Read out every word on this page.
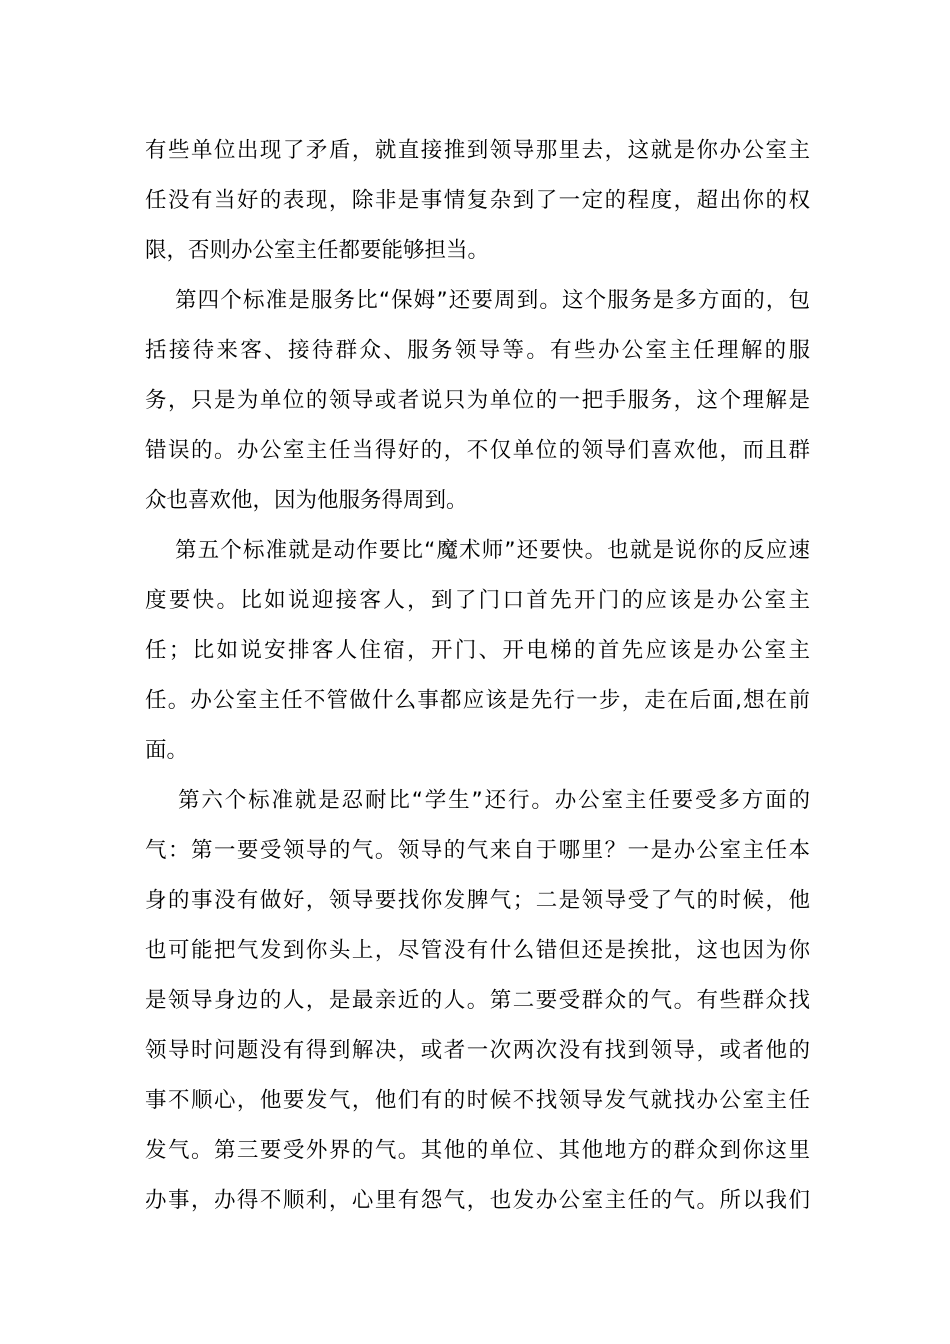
有些单位出现了矛盾，就直接推到领导那里去，这就是你办公室主
任没有当好的表现，除非是事情复杂到了一定的程度，超出你的权
限，否则办公室主任都要能够担当。
第四个标准是服务比“保姆”还要周到。这个服务是多方面的，包
括接待来客、接待群众、服务领导等。有些办公室主任理解的服
务，只是为单位的领导或者说只为单位的一把手服务，这个理解是
错误的。办公室主任当得好的，不仅单位的领导们喜欢他，而且群
众也喜欢他，因为他服务得周到。
第五个标准就是动作要比“魔术师”还要快。也就是说你的反应速
度要快。比如说迎接客人，到了门口首先开门的应该是办公室主
任；比如说安排客人住宿，开门、开电梯的首先应该是办公室主
任。办公室主任不管做什么事都应该是先行一步，走在后面,想在前
面。
第六个标准就是忍耐比“学生”还行。办公室主任要受多方面的
气：第一要受领导的气。领导的气来自于哪里？一是办公室主任本
身的事没有做好，领导要找你发脾气；二是领导受了气的时候，他
也可能把气发到你头上，尽管没有什么错但还是挨批，这也因为你
是领导身边的人，是最亲近的人。第二要受群众的气。有些群众找
领导时问题没有得到解决，或者一次两次没有找到领导，或者他的
事不顺心，他要发气，他们有的时候不找领导发气就找办公室主任
发气。第三要受外界的气。其他的单位、其他地方的群众到你这里
办事，办得不顺利，心里有怨气，也发办公室主任的气。所以我们
